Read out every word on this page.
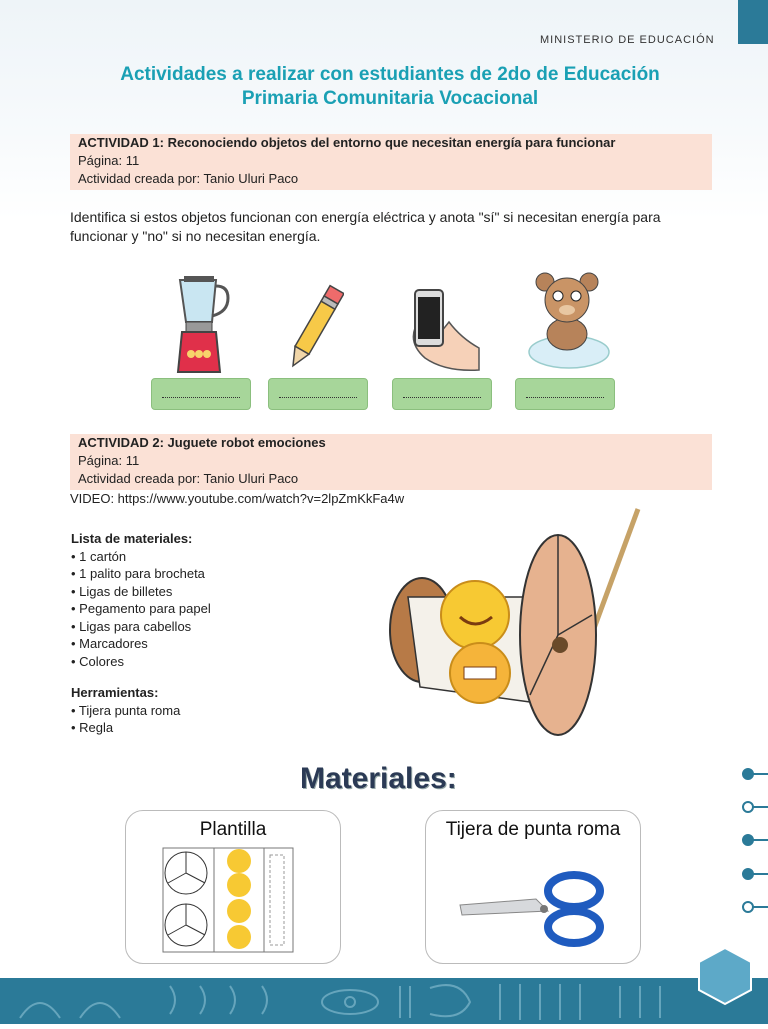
MINISTERIO DE EDUCACIÓN
Actividades a realizar con estudiantes de 2do de Educación
Primaria Comunitaria Vocacional
ACTIVIDAD 1: Reconociendo objetos del entorno que necesitan energía para funcionar
Página: 11
Actividad creada por: Tanio Uluri Paco
Identifica si estos objetos funcionan con energía eléctrica y anota "sí" si necesitan energía para funcionar y "no" si no necesitan energía.
ACTIVIDAD 2: Juguete robot emociones
Página: 11
Actividad creada por: Tanio Uluri Paco
VIDEO: https://www.youtube.com/watch?v=2lpZmKkFa4w
Lista de materiales:
• 1 cartón
• 1 palito para brocheta
• Ligas de billetes
• Pegamento para papel
• Ligas para cabellos
• Marcadores
• Colores
Herramientas:
• Tijera punta roma
• Regla
Materiales:
Plantilla	Tijera de punta roma
